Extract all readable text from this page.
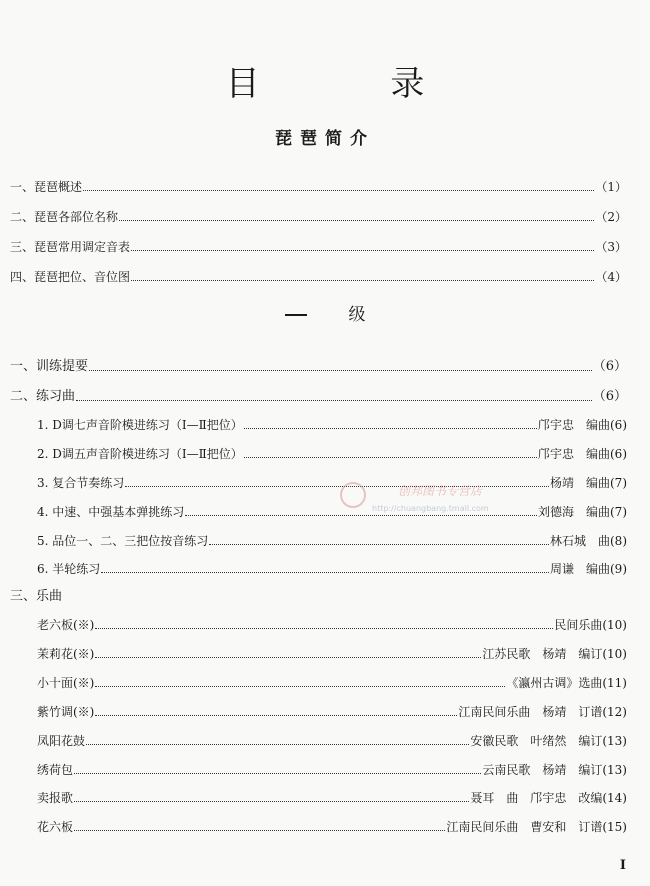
目 录
琵琶简介
一、琵琶概述	（1）
二、琵琶各部位名称	（2）
三、琵琶常用调定音表	（3）
四、琵琶把位、音位图	（4）
级
一、训练提要	（6）
二、练习曲	（6）
1. D调七声音阶模进练习（Ⅰ—Ⅱ把位）	邝宇忠　编曲(6)
2. D调五声音阶模进练习（Ⅰ—Ⅱ把位）	邝宇忠　编曲(6)
3. 复合节奏练习	杨靖　编曲(7)
4. 中速、中强基本弹挑练习	刘德海　编曲(7)
5. 品位一、二、三把位按音练习	林石城　曲(8)
6. 半轮练习	周谦　编曲(9)
三、乐曲
老六板(※)	民间乐曲(10)
茉莉花(※)	江苏民歌　杨靖　编订(10)
小十面(※)	《瀛州古调》选曲(11)
紫竹调(※)	江南民间乐曲　杨靖　订谱(12)
凤阳花鼓	安徽民歌　叶绪然　编订(13)
绣荷包	云南民歌　杨靖　编订(13)
卖报歌	聂耳　曲　邝宇忠　改编(14)
花六板	江南民间乐曲　曹安和　订谱(15)
创邦图书专营店
http://chuangbang.tmall.com
I
